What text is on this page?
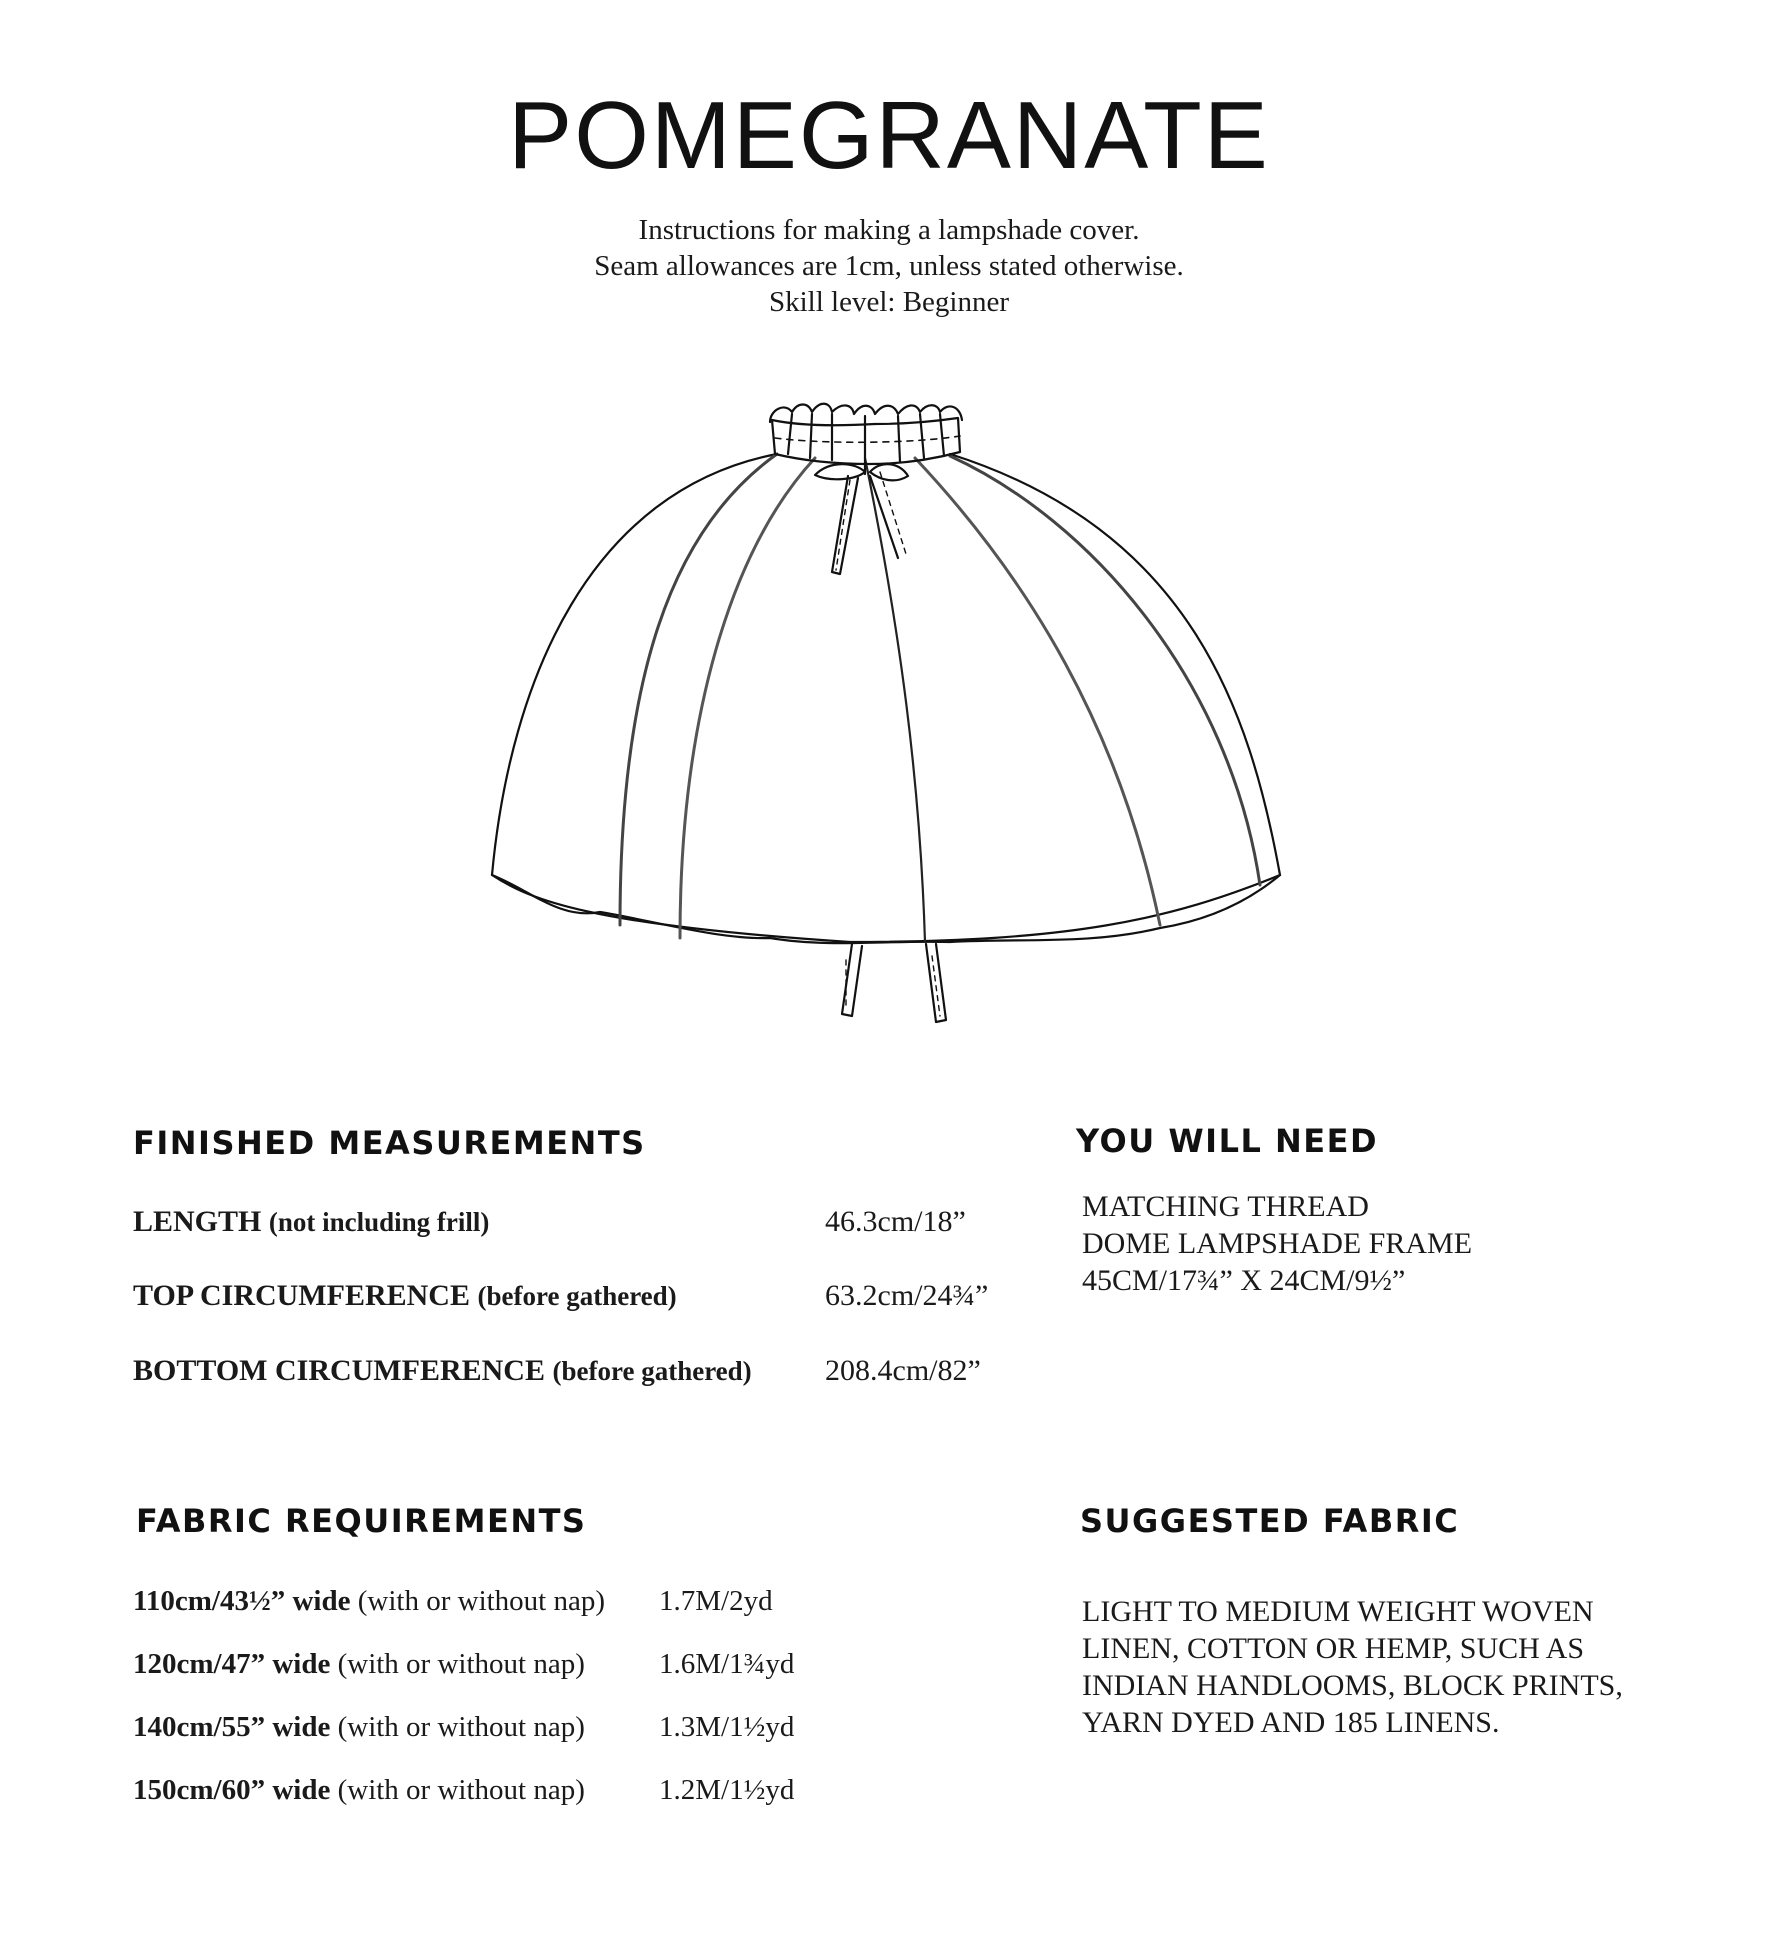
POMEGRANATE
Instructions for making a lampshade cover.
Seam allowances are 1cm, unless stated otherwise.
Skill level: Beginner
FINISHED MEASUREMENTS
LENGTH (not including frill)	46.3cm/18”
TOP CIRCUMFERENCE (before gathered)	63.2cm/24¾”
BOTTOM CIRCUMFERENCE (before gathered) 208.4cm/82”
YOU WILL NEED
MATCHING THREAD
DOME LAMPSHADE FRAME
45CM/17¾” X 24CM/9½”
FABRIC REQUIREMENTS
110cm/43½” wide (with or without nap) 1.7M/2yd
120cm/47” wide (with or without nap)	1.6M/1¾yd
140cm/55” wide (with or without nap)	1.3M/1½yd
150cm/60” wide (with or without nap)	1.2M/1½yd
SUGGESTED FABRIC
LIGHT TO MEDIUM WEIGHT WOVEN
LINEN, COTTON OR HEMP, SUCH AS
INDIAN HANDLOOMS, BLOCK PRINTS,
YARN DYED AND 185 LINENS.
